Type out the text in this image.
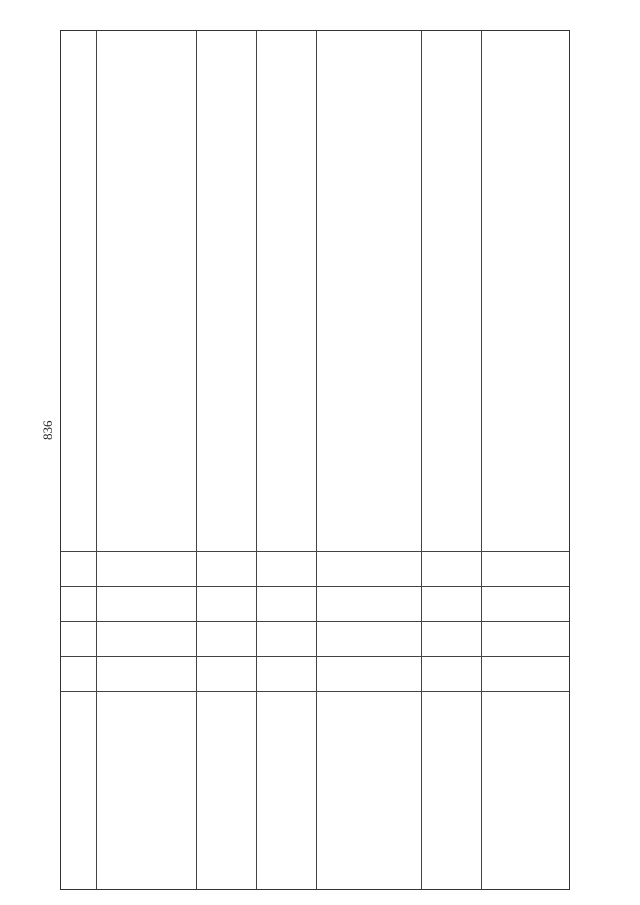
836
